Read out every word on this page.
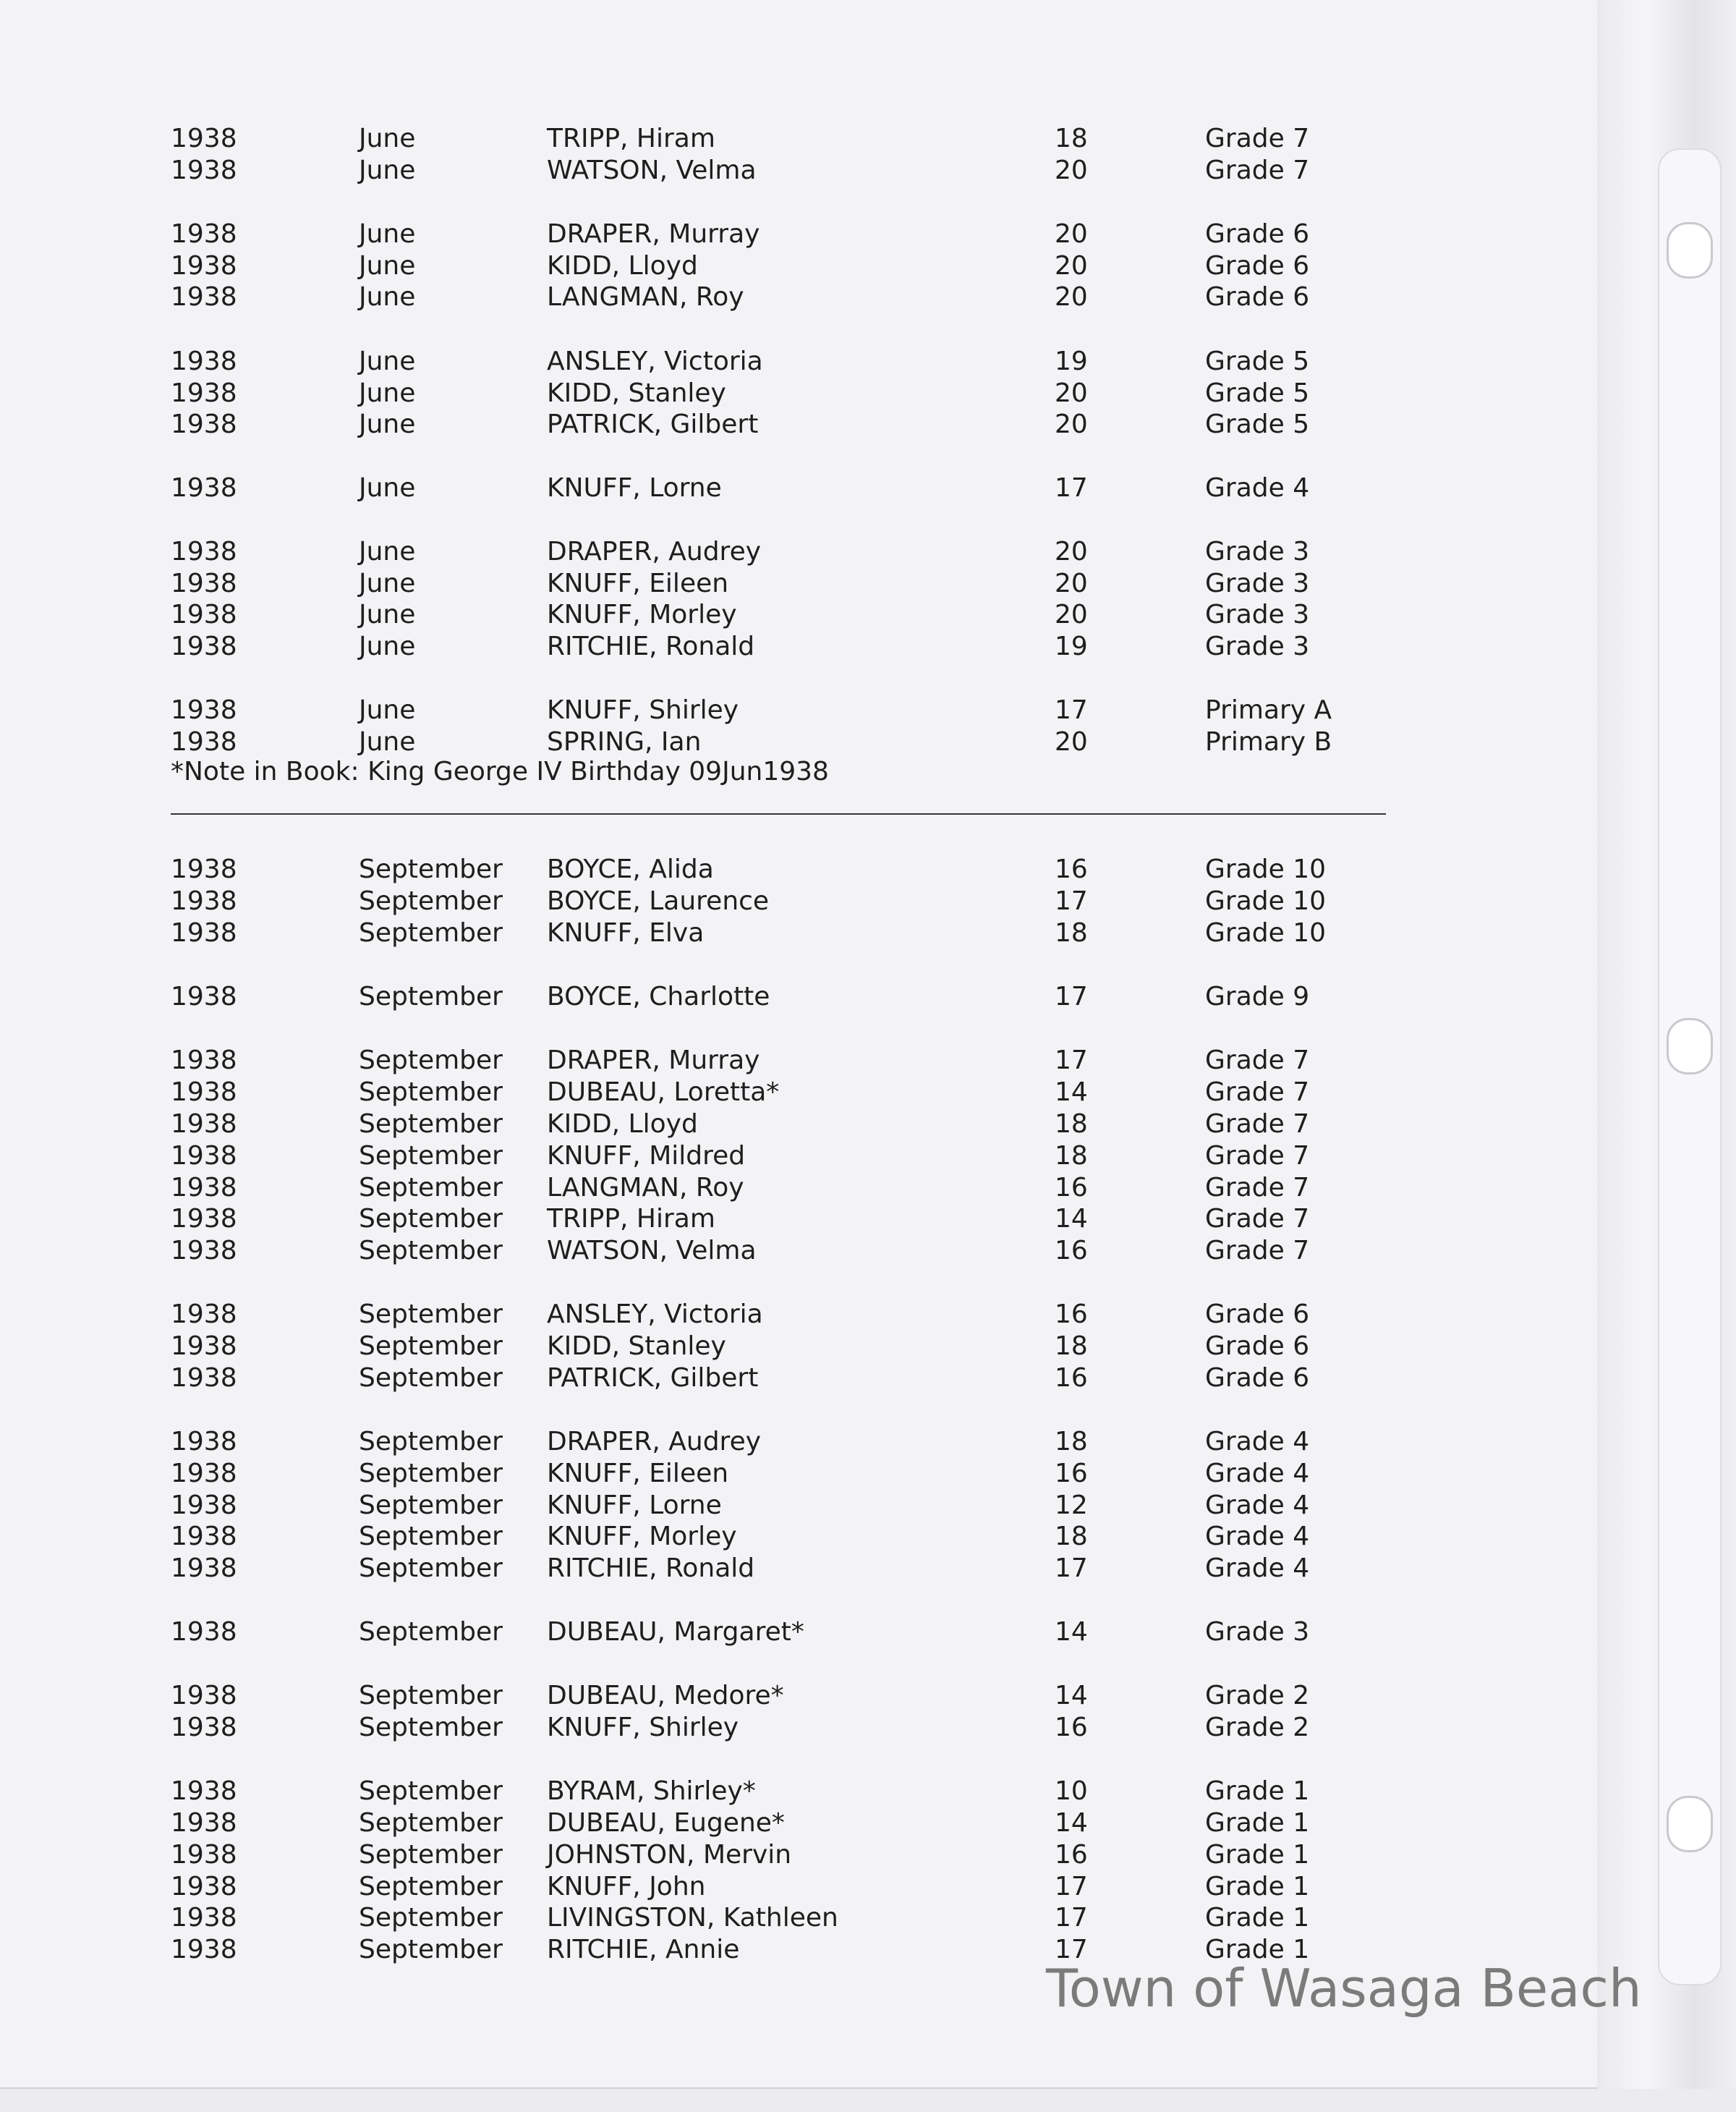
1938	June	TRIPP, Hiram	18	Grade 7
1938	June	WATSON, Velma	20	Grade 7
1938	June	DRAPER, Murray	20	Grade 6
1938	June	KIDD, Lloyd	20	Grade 6
1938	June	LANGMAN, Roy	20	Grade 6
1938	June	ANSLEY, Victoria	19	Grade 5
1938	June	KIDD, Stanley	20	Grade 5
1938	June	PATRICK, Gilbert	20	Grade 5
1938	June	KNUFF, Lorne	17	Grade 4
1938	June	DRAPER, Audrey	20	Grade 3
1938	June	KNUFF, Eileen	20	Grade 3
1938	June	KNUFF, Morley	20	Grade 3
1938	June	RITCHIE, Ronald	19	Grade 3
1938	June	KNUFF, Shirley	17	Primary A
1938	June	SPRING, Ian	20	Primary B
1938	September BOYCE, Alida	16	Grade 10
1938	September BOYCE, Laurence	17	Grade 10
1938	September KNUFF, Elva	18	Grade 10
1938	September BOYCE, Charlotte	17	Grade 9
1938	September DRAPER, Murray	17	Grade 7
1938	September DUBEAU, Loretta*	14	Grade 7
1938	September KIDD, Lloyd	18	Grade 7
1938	September KNUFF, Mildred	18	Grade 7
1938	September LANGMAN, Roy	16	Grade 7
1938	September TRIPP, Hiram	14	Grade 7
1938	September WATSON, Velma	16	Grade 7
1938	September ANSLEY, Victoria	16	Grade 6
1938	September KIDD, Stanley	18	Grade 6
1938	September PATRICK, Gilbert	16	Grade 6
1938	September DRAPER, Audrey	18	Grade 4
1938	September KNUFF, Eileen	16	Grade 4
1938	September KNUFF, Lorne	12	Grade 4
1938	September KNUFF, Morley	18	Grade 4
1938	September RITCHIE, Ronald	17	Grade 4
1938	September DUBEAU, Margaret*	14	Grade 3
1938	September DUBEAU, Medore*	14	Grade 2
1938	September KNUFF, Shirley	16	Grade 2
1938	September BYRAM, Shirley*	10	Grade 1
1938	September DUBEAU, Eugene*	14	Grade 1
1938	September JOHNSTON, Mervin	16	Grade 1
1938	September KNUFF, John	17	Grade 1
1938	September LIVINGSTON, Kathleen	17	Grade 1
1938	September RITCHIE, Annie	17	Grade 1
*Note in Book: King George IV Birthday 09Jun1938
Town of Wasaga Beach
